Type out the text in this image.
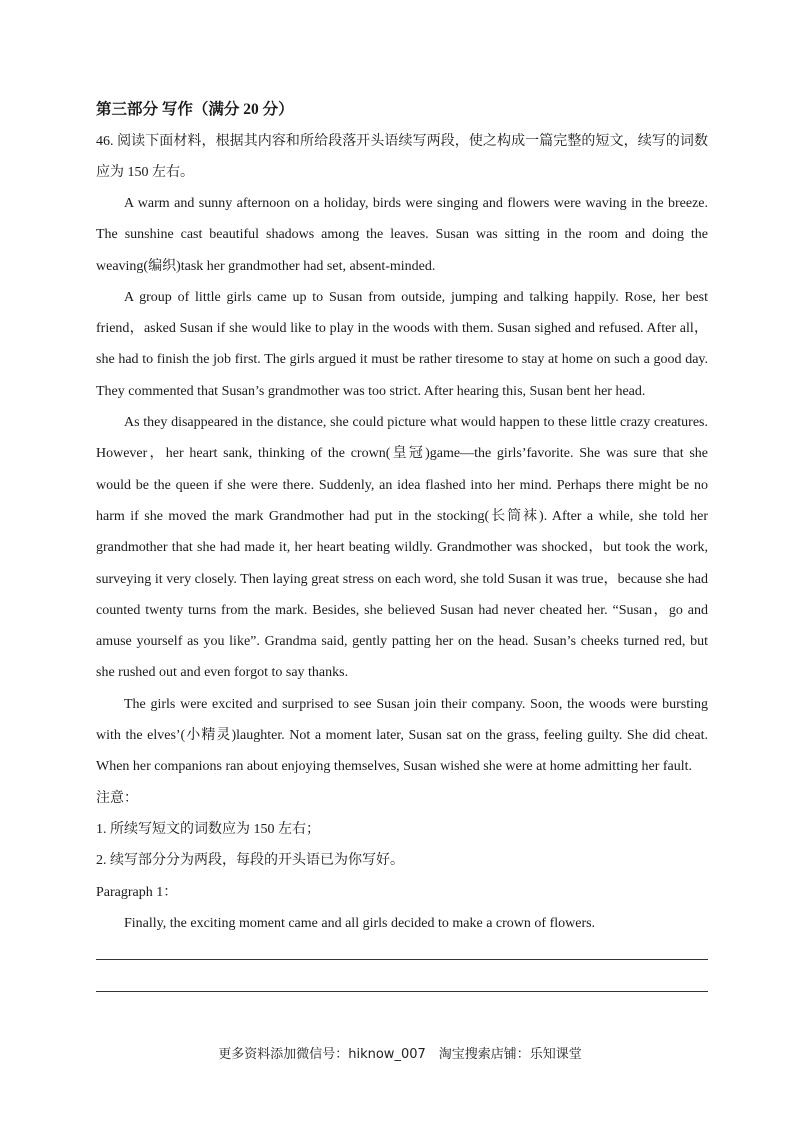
第三部分 写作（满分 20 分）

46. 阅读下面材料，根据其内容和所给段落开头语续写两段，使之构成一篇完整的短文，续写的词数应为 150 左右。

A warm and sunny afternoon on a holiday, birds were singing and flowers were waving in the breeze. The sunshine cast beautiful shadows among the leaves. Susan was sitting in the room and doing the weaving(编织)task her grandmother had set, absent-minded.

A group of little girls came up to Susan from outside, jumping and talking happily. Rose, her best friend，asked Susan if she would like to play in the woods with them. Susan sighed and refused. After all，she had to finish the job first. The girls argued it must be rather tiresome to stay at home on such a good day. They commented that Susan’s grandmother was too strict. After hearing this, Susan bent her head.

As they disappeared in the distance, she could picture what would happen to these little crazy creatures. However，her heart sank, thinking of the crown(皇冠)game—the girls’favorite. She was sure that she would be the queen if she were there. Suddenly, an idea flashed into her mind. Perhaps there might be no harm if she moved the mark Grandmother had put in the stocking(长筒袜). After a while, she told her grandmother that she had made it, her heart beating wildly. Grandmother was shocked，but took the work, surveying it very closely. Then laying great stress on each word, she told Susan it was true，because she had counted twenty turns from the mark. Besides, she believed Susan had never cheated her. “Susan，go and amuse yourself as you like”. Grandma said, gently patting her on the head. Susan’s cheeks turned red, but she rushed out and even forgot to say thanks.

The girls were excited and surprised to see Susan join their company. Soon, the woods were bursting with the elves’(小精灵)laughter. Not a moment later, Susan sat on the grass, feeling guilty. She did cheat. When her companions ran about enjoying themselves, Susan wished she were at home admitting her fault.

注意：

1. 所续写短文的词数应为 150 左右；

2. 续写部分分为两段，每段的开头语已为你写好。

Paragraph 1：

Finally, the exciting moment came and all girls decided to make a crown of flowers.

更多资料添加微信号：hiknow_007　淘宝搜索店铺：乐知课堂
